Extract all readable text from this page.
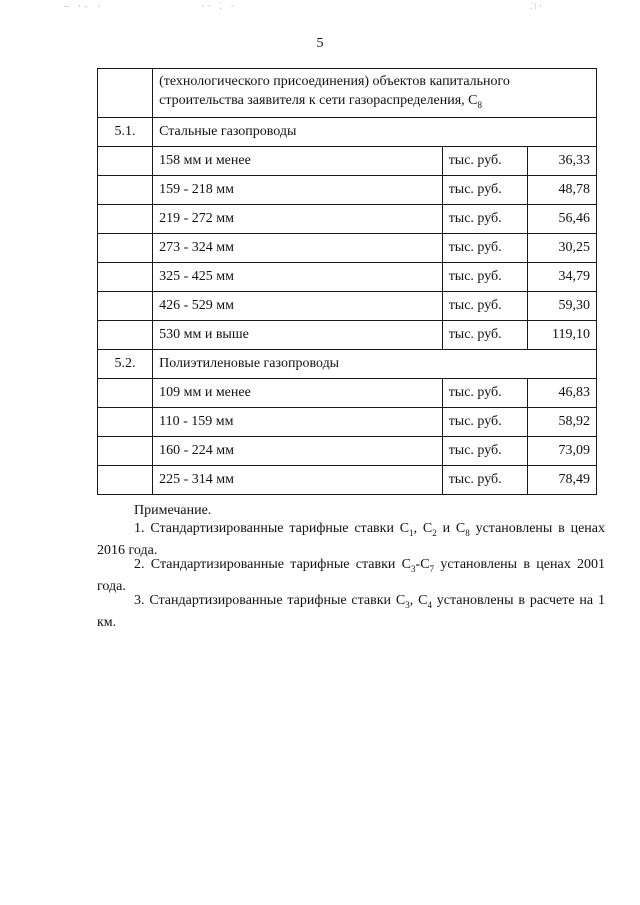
— ·- ·	·· ⁚ ·	⁚⁝·
5
	(технологического присоединения) объектов капитального
строительства заявителя к сети газораспределения, $C_8$
5.1.	Стальные газопроводы		
	158 мм и менее	тыс. руб.	36,33
	159 - 218 мм	тыс. руб.	48,78
	219 - 272 мм	тыс. руб.	56,46
	273 - 324 мм	тыс. руб.	30,25
	325 - 425 мм	тыс. руб.	34,79
	426 - 529 мм	тыс. руб.	59,30
	530 мм и выше	тыс. руб.	119,10
5.2.	Полиэтиленовые газопроводы		
	109 мм и менее	тыс. руб.	46,83
	110 - 159 мм	тыс. руб.	58,92
	160 - 224 мм	тыс. руб.	73,09
	225 - 314 мм	тыс. руб.	78,49
Примечание.
1. Стандартизированные тарифные ставки $C_1$, $C_2$ и $C_8$ установлены в ценах 2016 года.
2. Стандартизированные тарифные ставки $C_3-C_7$ установлены в ценах 2001 года.
3. Стандартизированные тарифные ставки $C_3$, $C_4$ установлены в расчете на 1 км.
